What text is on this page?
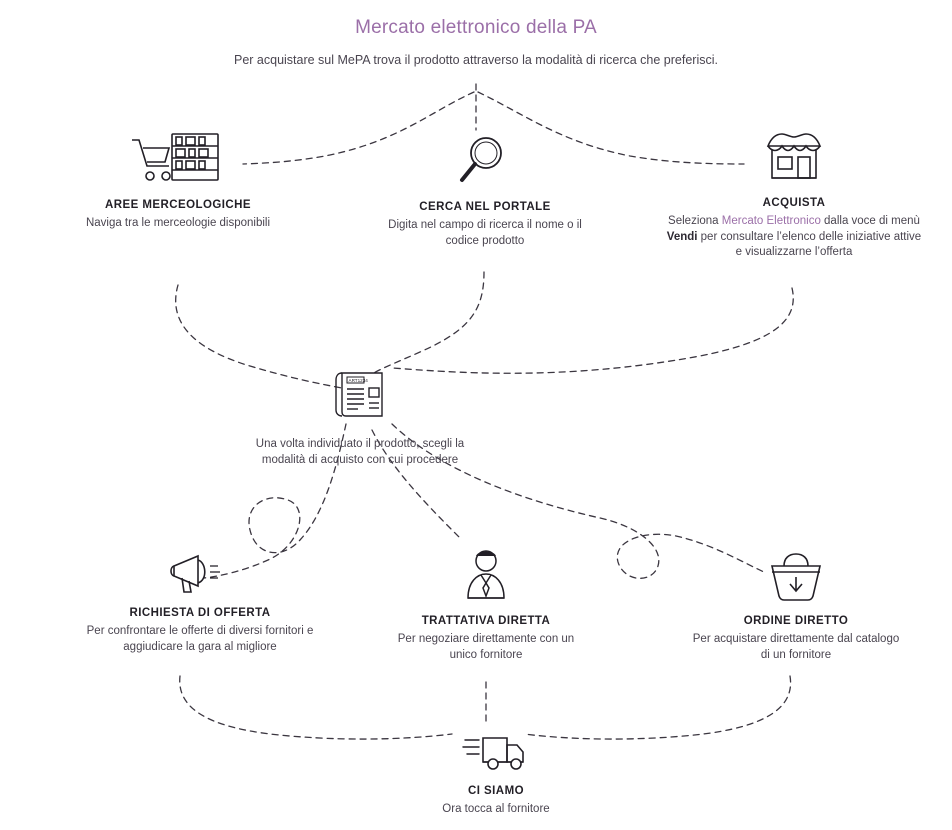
Mercato elettronico della PA
Per acquistare sul MePA trova il prodotto attraverso la modalità di ricerca che preferisci.
AREE MERCEOLOGICHE
Naviga tra le merceologie disponibili
CERCA NEL PORTALE
Digita nel campo di ricerca il nome o il codice prodotto
ACQUISTA
Seleziona Mercato Elettronico dalla voce di menù Vendi per consultare l’elenco delle iniziative attive e visualizzarne l’offerta
ART1234
Una volta individuato il prodotto, scegli la modalità di acquisto con cui procedere
RICHIESTA DI OFFERTA
Per confrontare le offerte di diversi fornitori e aggiudicare la gara al migliore
TRATTATIVA DIRETTA
Per negoziare direttamente con un unico fornitore
ORDINE DIRETTO
Per acquistare direttamente dal catalogo di un fornitore
CI SIAMO
Ora tocca al fornitore
